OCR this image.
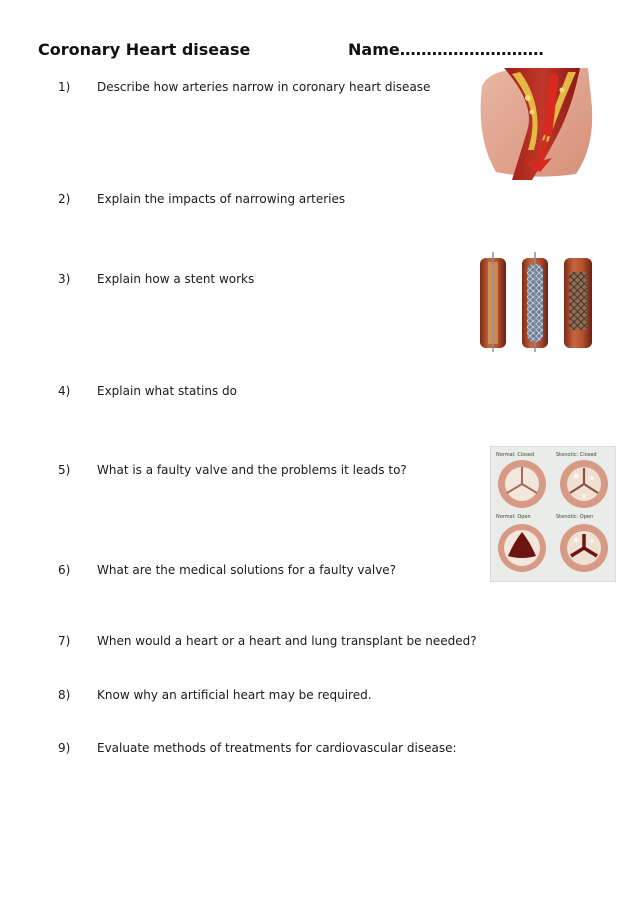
Coronary Heart disease	Name………………………
1) Describe how arteries narrow in coronary heart disease
2) Explain the impacts of narrowing arteries
3) Explain how a stent works
4) Explain what statins do
5) What is a faulty valve and the problems it leads to?
6) What are the medical solutions for a faulty valve?
7) When would a heart or a heart and lung transplant be needed?
8) Know why an artificial heart may be required.
9) Evaluate methods of treatments for cardiovascular disease:
Normal: Closed	Stenotic: Closed
Normal: Open	Stenotic: Open
